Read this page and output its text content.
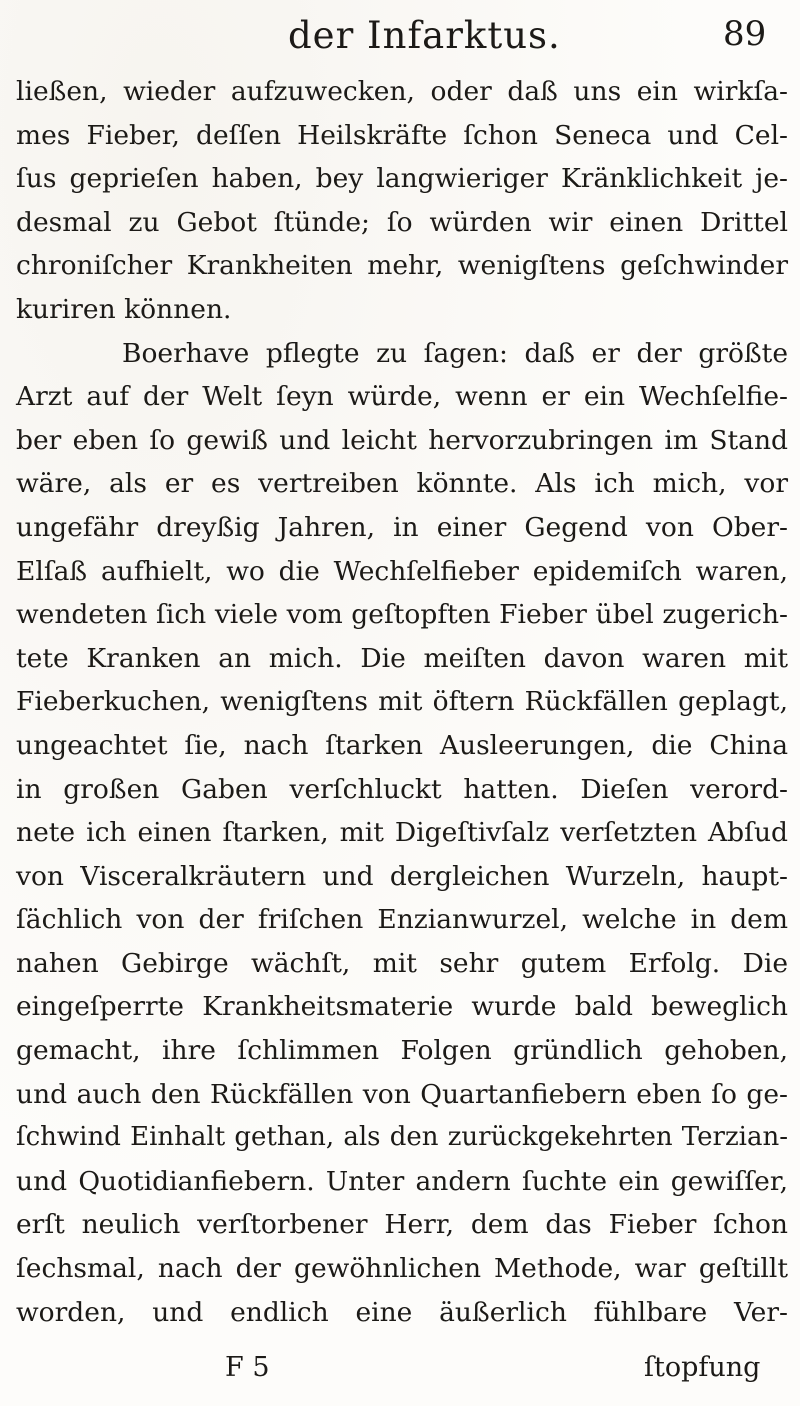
der Infarktus.	89
ließen, wieder aufzuwecken, oder daß uns ein wirkſa-
mes Fieber, deſſen Heilskräfte ſchon Seneca und Cel-
ſus geprieſen haben, bey langwieriger Kränklichkeit je-
desmal zu Gebot ſtünde; ſo würden wir einen Drittel
chroniſcher Krankheiten mehr, wenigſtens geſchwinder
kuriren können.
Boerhave pflegte zu ſagen: daß er der größte
Arzt auf der Welt ſeyn würde, wenn er ein Wechſelfie-
ber eben ſo gewiß und leicht hervorzubringen im Stand
wäre, als er es vertreiben könnte. Als ich mich, vor
ungefähr dreyßig Jahren, in einer Gegend von Ober-
Elſaß aufhielt, wo die Wechſelfieber epidemiſch waren,
wendeten ſich viele vom geſtopften Fieber übel zugerich-
tete Kranken an mich. Die meiſten davon waren mit
Fieberkuchen, wenigſtens mit öftern Rückfällen geplagt,
ungeachtet ſie, nach ſtarken Ausleerungen, die China
in großen Gaben verſchluckt hatten. Dieſen verord-
nete ich einen ſtarken, mit Digeſtivſalz verſetzten Abſud
von Visceralkräutern und dergleichen Wurzeln, haupt-
ſächlich von der friſchen Enzianwurzel, welche in dem
nahen Gebirge wächſt, mit sehr gutem Erfolg. Die
eingeſperrte Krankheitsmaterie wurde bald beweglich
gemacht, ihre ſchlimmen Folgen gründlich gehoben,
und auch den Rückfällen von Quartanfiebern eben ſo ge-
ſchwind Einhalt gethan, als den zurückgekehrten Terzian-
und Quotidianfiebern. Unter andern ſuchte ein gewiſſer,
erſt neulich verſtorbener Herr, dem das Fieber ſchon
ſechsmal, nach der gewöhnlichen Methode, war geſtillt
worden, und endlich eine äußerlich fühlbare Ver-
F 5	ſtopfung
